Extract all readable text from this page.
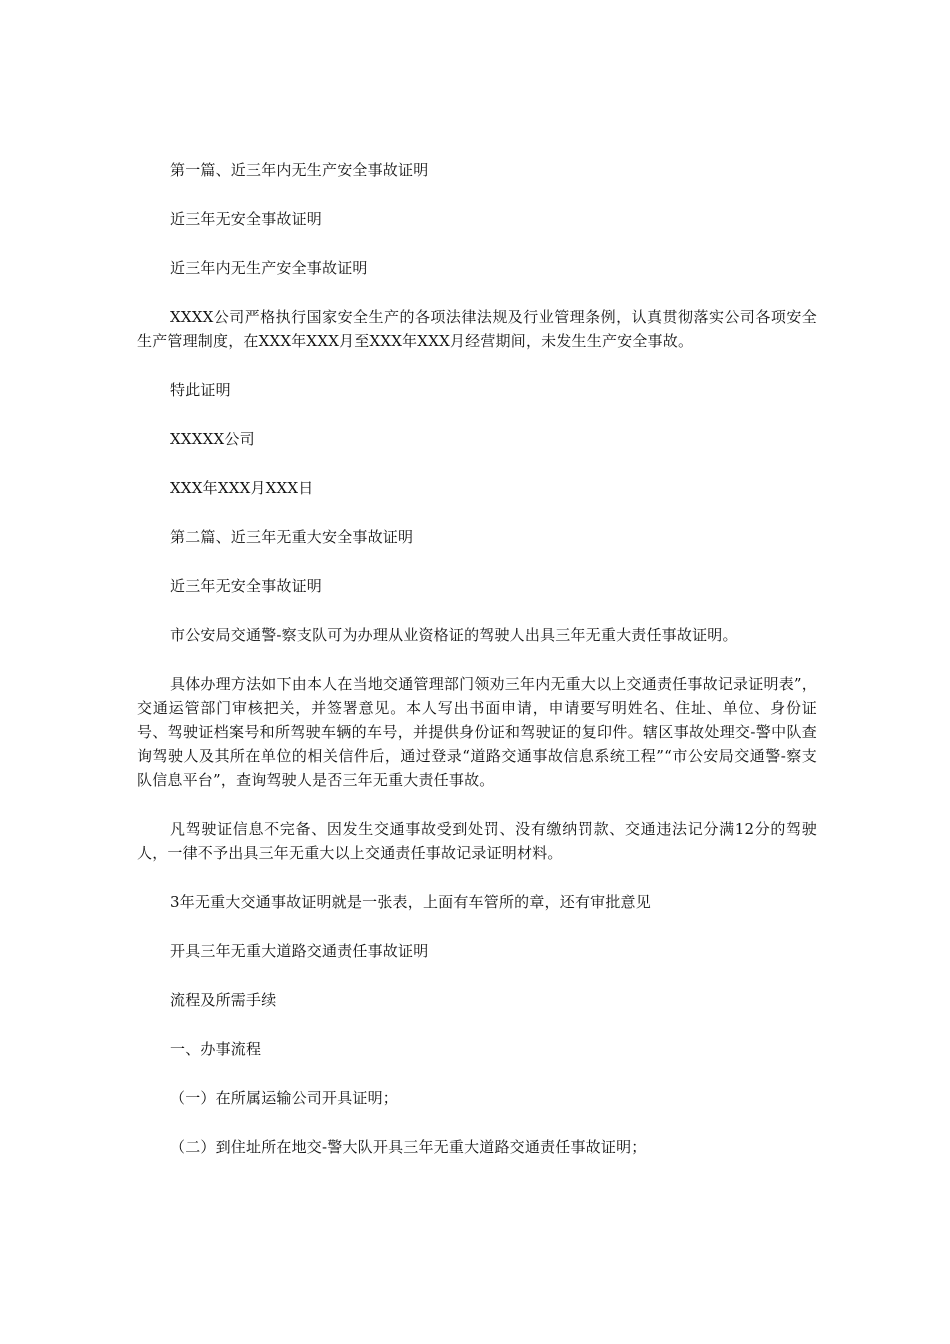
第一篇、近三年内无生产安全事故证明

近三年无安全事故证明

近三年内无生产安全事故证明

XXXX公司严格执行国家安全生产的各项法律法规及行业管理条例，认真贯彻落实公司各项安全生产管理制度，在XXX年XXX月至XXX年XXX月经营期间，未发生生产安全事故。

特此证明

XXXXX公司

XXX年XXX月XXX日

第二篇、近三年无重大安全事故证明

近三年无安全事故证明

市公安局交通警-察支队可为办理从业资格证的驾驶人出具三年无重大责任事故证明。

具体办理方法如下由本人在当地交通管理部门领劝三年内无重大以上交通责任事故记录证明表”，交通运管部门审核把关，并签署意见。本人写出书面申请，申请要写明姓名、住址、单位、身份证号、驾驶证档案号和所驾驶车辆的车号，并提供身份证和驾驶证的复印件。辖区事故处理交-警中队查询驾驶人及其所在单位的相关信件后，通过登录“道路交通事故信息系统工程”“市公安局交通警-察支队信息平台”，查询驾驶人是否三年无重大责任事故。

凡驾驶证信息不完备、因发生交通事故受到处罚、没有缴纳罚款、交通违法记分满12分的驾驶人，一律不予出具三年无重大以上交通责任事故记录证明材料。

3年无重大交通事故证明就是一张表，上面有车管所的章，还有审批意见

开具三年无重大道路交通责任事故证明

流程及所需手续

一、办事流程

（一）在所属运输公司开具证明；

（二）到住址所在地交-警大队开具三年无重大道路交通责任事故证明；
